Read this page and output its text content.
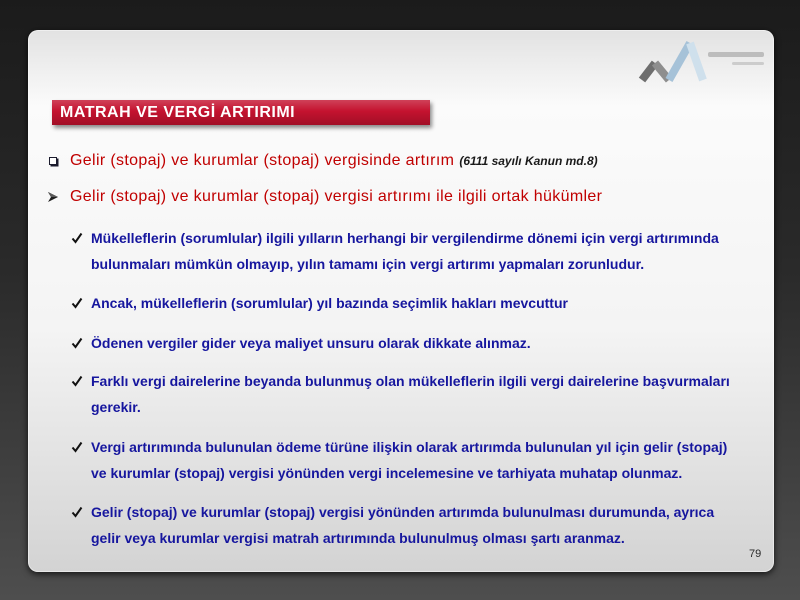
MATRAH VE VERGİ ARTIRIMI
Gelir (stopaj) ve kurumlar (stopaj) vergisinde artırım (6111 sayılı Kanun md.8)
Gelir (stopaj) ve kurumlar (stopaj) vergisi artırımı ile ilgili ortak hükümler
Mükelleflerin (sorumlular) ilgili yılların herhangi bir vergilendirme dönemi için vergi artırımında
bulunmaları mümkün olmayıp, yılın tamamı için vergi artırımı yapmaları zorunludur.
Ancak, mükelleflerin (sorumlular) yıl bazında seçimlik hakları mevcuttur
Ödenen vergiler gider veya maliyet unsuru olarak dikkate alınmaz.
Farklı vergi dairelerine beyanda bulunmuş olan mükelleflerin ilgili vergi dairelerine başvurmaları
gerekir.
Vergi artırımında bulunulan ödeme türüne ilişkin olarak artırımda bulunulan yıl için gelir (stopaj)
ve kurumlar (stopaj) vergisi yönünden vergi incelemesine ve tarhiyata muhatap olunmaz.
Gelir (stopaj) ve kurumlar (stopaj) vergisi yönünden artırımda bulunulması durumunda, ayrıca
gelir veya kurumlar vergisi matrah artırımında bulunulmuş olması şartı aranmaz.
79
